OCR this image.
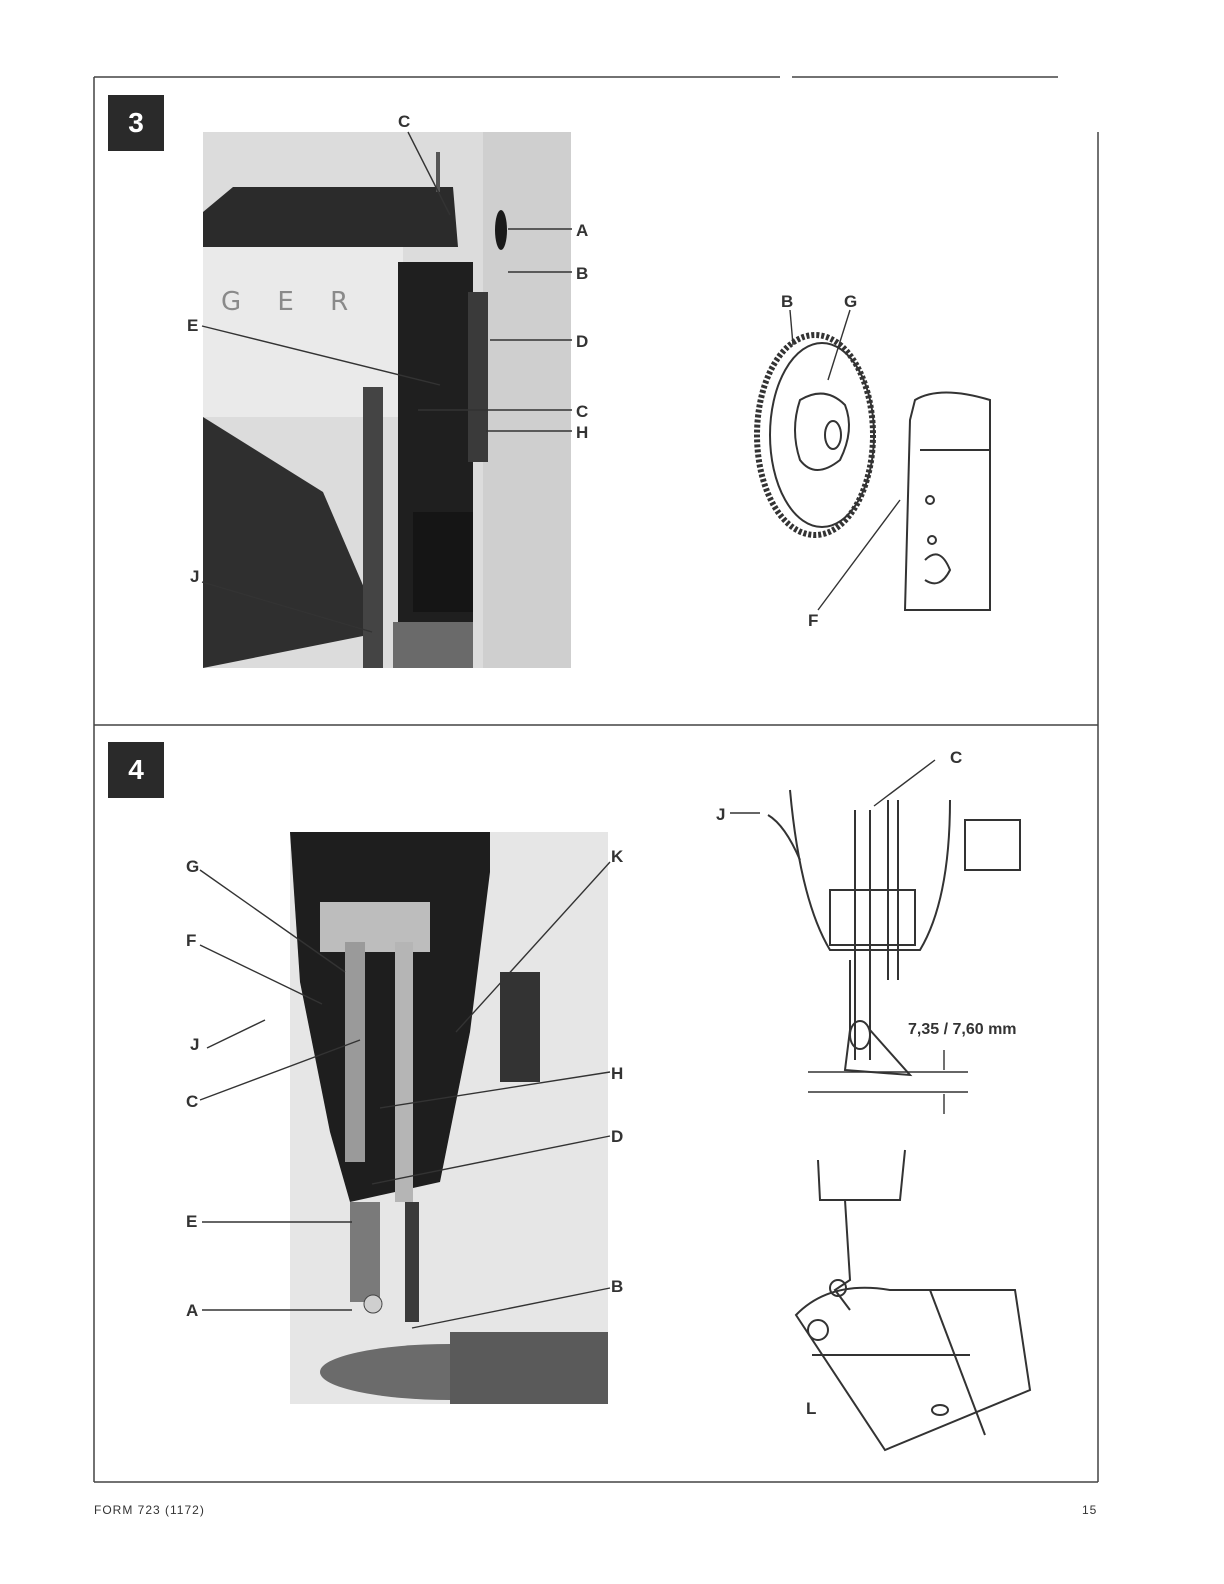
3
4
G E R
C
A
B
D
E
C
H
J
B	G
F
G
K
F
J
C
H
D
E
A
B
C
J
7,35 / 7,60 mm
L
FORM 723 (1172)	15
